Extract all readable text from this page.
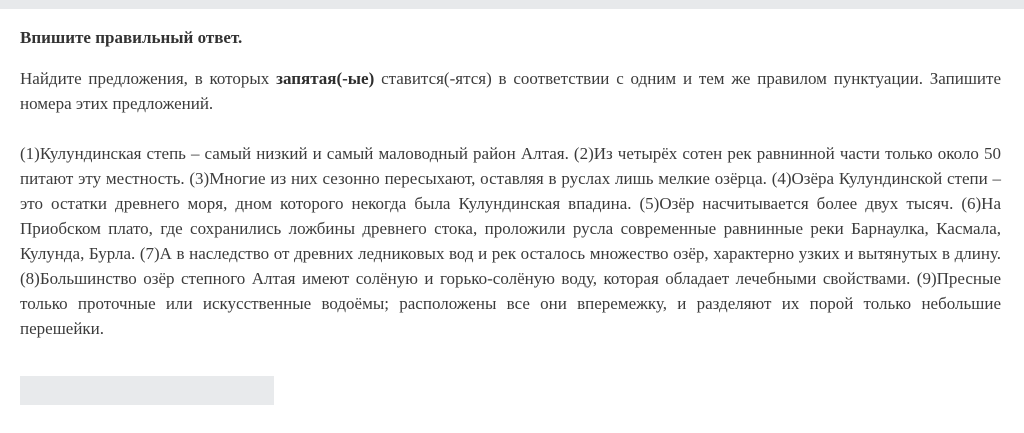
Впишите правильный ответ.

Найдите предложения, в которых запятая(-ые) ставится(-ятся) в соответствии с одним и тем же правилом пунктуации. Запишите номера этих предложений.

(1)Кулундинская степь – самый низкий и самый маловодный район Алтая. (2)Из четырёх сотен рек равнинной части только около 50 питают эту местность. (3)Многие из них сезонно пересыхают, оставляя в руслах лишь мелкие озёрца. (4)Озёра Кулундинской степи – это остатки древнего моря, дном которого некогда была Кулундинская впадина. (5)Озёр насчитывается более двух тысяч. (6)На Приобском плато, где сохранились ложбины древнего стока, проложили русла современные равнинные реки Барнаулка, Касмала, Кулунда, Бурла. (7)А в наследство от древних ледниковых вод и рек осталось множество озёр, характерно узких и вытянутых в длину. (8)Большинство озёр степного Алтая имеют солёную и горько-солёную воду, которая обладает лечебными свойствами. (9)Пресные только проточные или искусственные водоёмы; расположены все они вперемежку, и разделяют их порой только небольшие перешейки.
